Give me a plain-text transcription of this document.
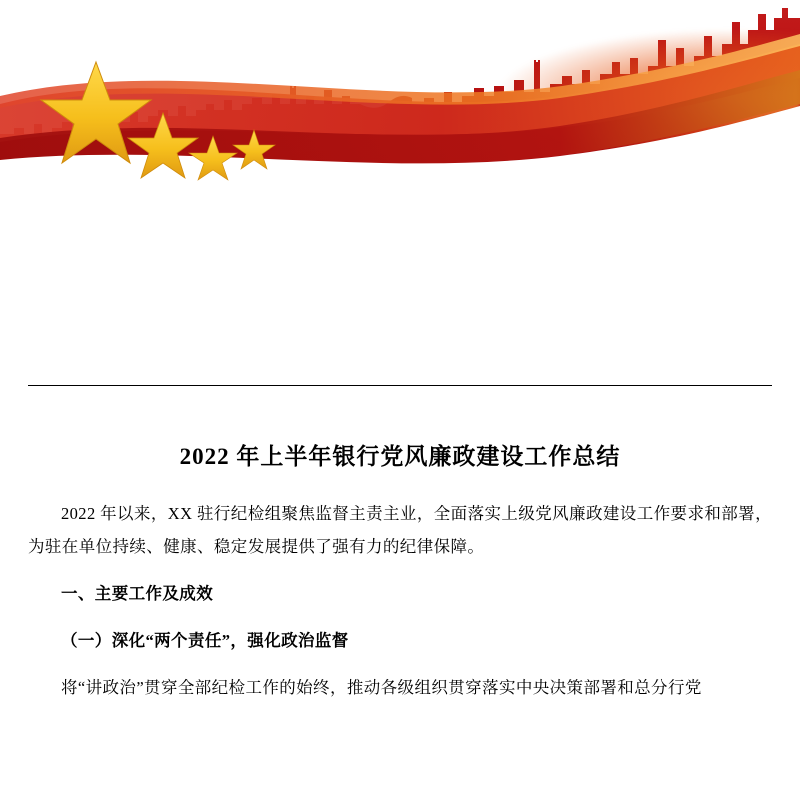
2022 年上半年银行党风廉政建设工作总结

2022 年以来，XX 驻行纪检组聚焦监督主责主业，全面落实上级党风廉政建设工作要求和部署，为驻在单位持续、健康、稳定发展提供了强有力的纪律保障。

一、主要工作及成效

（一）深化“两个责任”，强化政治监督

将“讲政治”贯穿全部纪检工作的始终，推动各级组织贯穿落实中央决策部署和总分行党
